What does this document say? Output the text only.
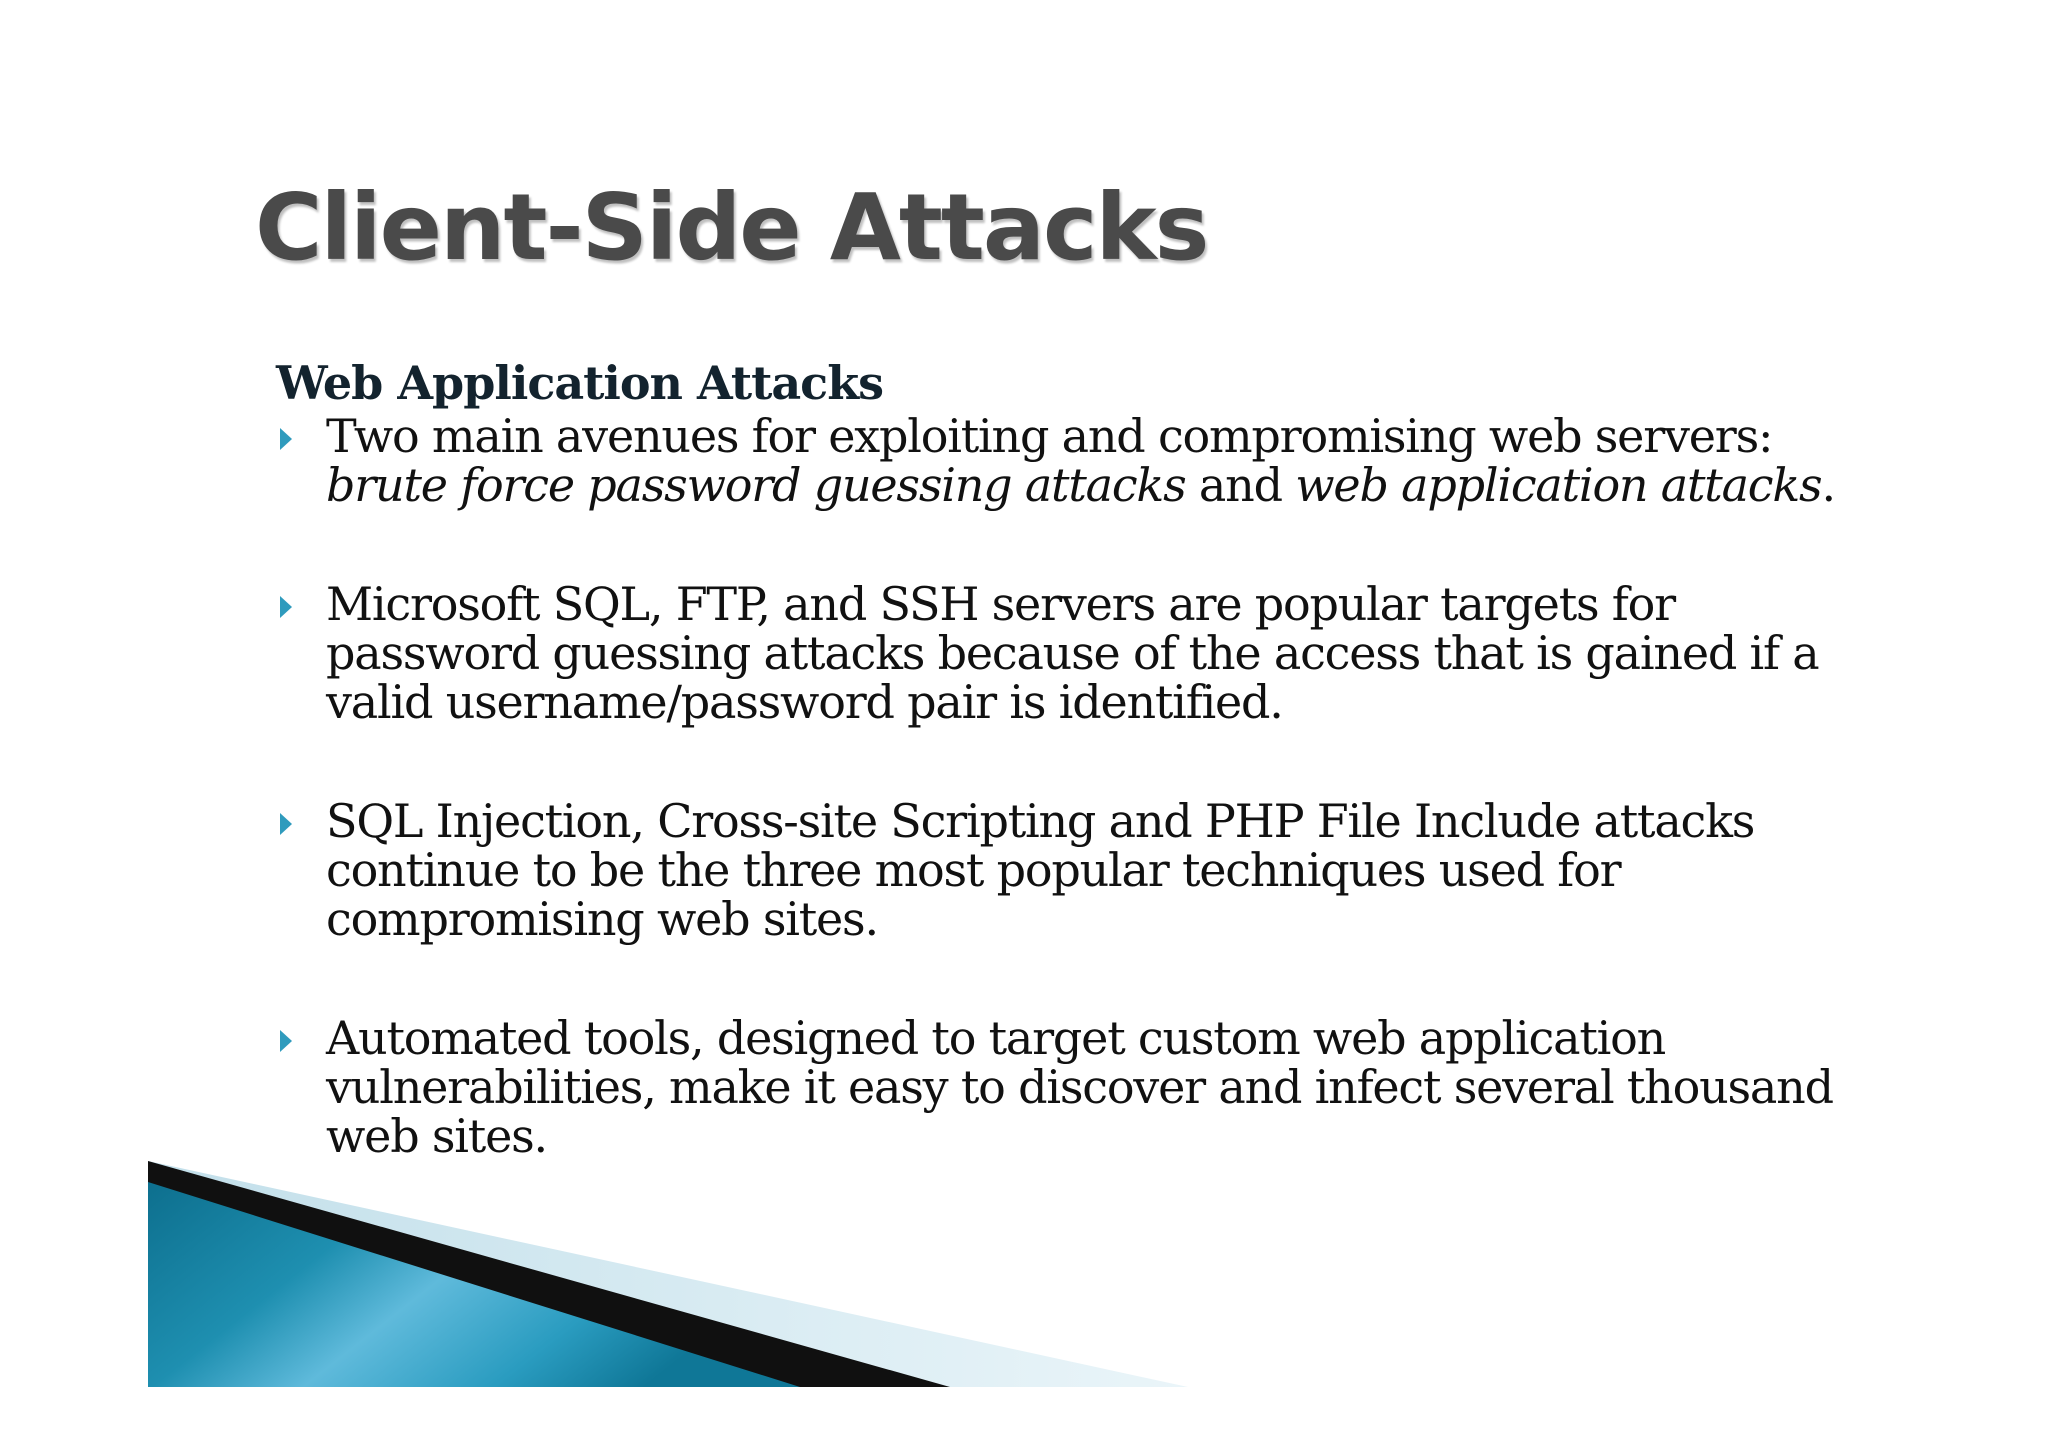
Client-Side Attacks
Web Application Attacks
Two main avenues for exploiting and compromising web servers:
brute force password guessing attacks and web application attacks.
Microsoft SQL, FTP, and SSH servers are popular targets for
password guessing attacks because of the access that is gained if a
valid username/password pair is identified.
SQL Injection, Cross-site Scripting and PHP File Include attacks
continue to be the three most popular techniques used for
compromising web sites.
Automated tools, designed to target custom web application
vulnerabilities, make it easy to discover and infect several thousand
web sites.
